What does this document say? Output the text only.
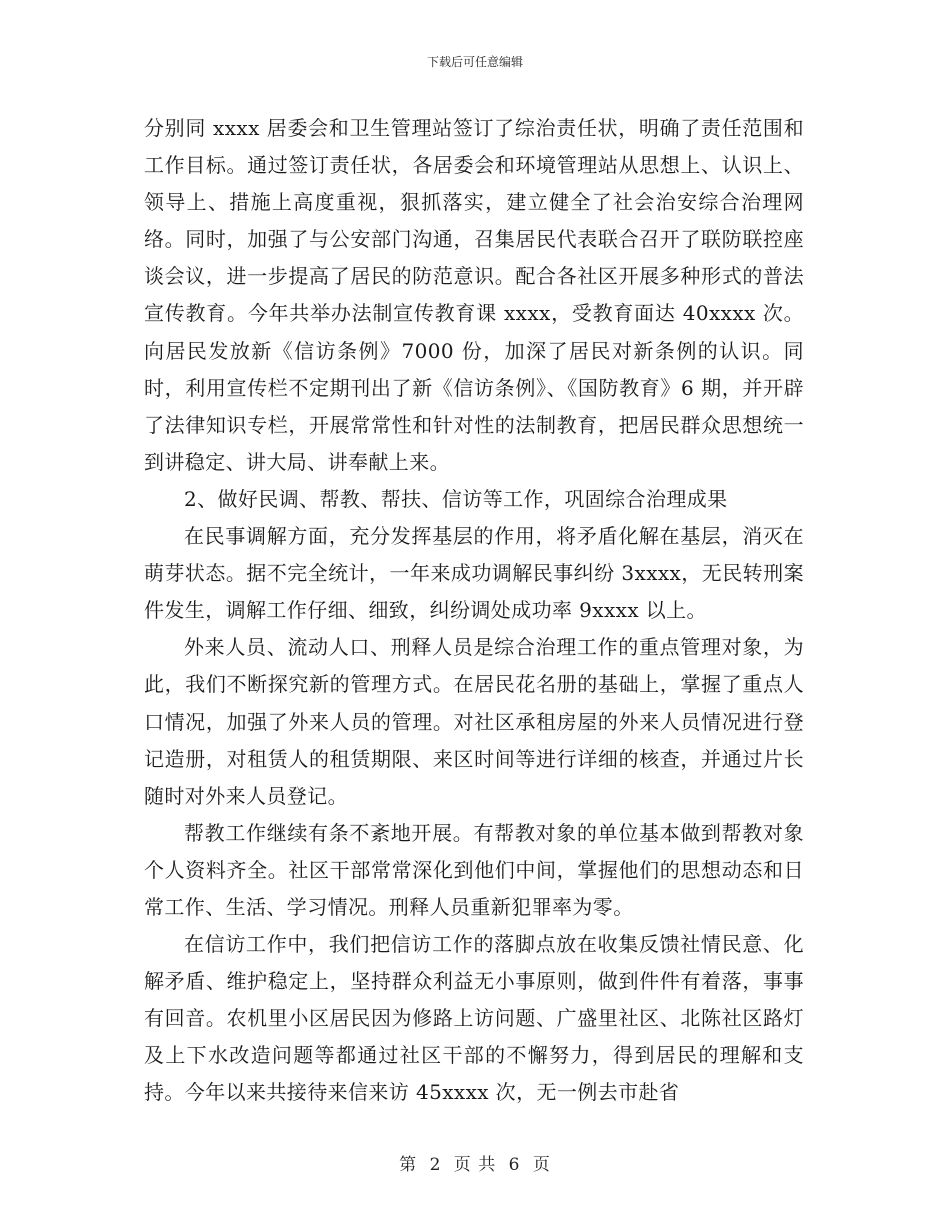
下载后可任意编辑

分别同 xxxx 居委会和卫生管理站签订了综治责任状，明确了责任范围和工作目标。通过签订责任状，各居委会和环境管理站从思想上、认识上、领导上、措施上高度重视，狠抓落实，建立健全了社会治安综合治理网络。同时，加强了与公安部门沟通，召集居民代表联合召开了联防联控座谈会议，进一步提高了居民的防范意识。配合各社区开展多种形式的普法宣传教育。今年共举办法制宣传教育课 xxxx，受教育面达 40xxxx 次。向居民发放新《信访条例》7000 份，加深了居民对新条例的认识。同时，利用宣传栏不定期刊出了新《信访条例》、《国防教育》6 期，并开辟了法律知识专栏，开展常常性和针对性的法制教育，把居民群众思想统一到讲稳定、讲大局、讲奉献上来。

2、做好民调、帮教、帮扶、信访等工作，巩固综合治理成果

在民事调解方面，充分发挥基层的作用，将矛盾化解在基层，消灭在萌芽状态。据不完全统计，一年来成功调解民事纠纷 3xxxx，无民转刑案件发生，调解工作仔细、细致，纠纷调处成功率 9xxxx 以上。

外来人员、流动人口、刑释人员是综合治理工作的重点管理对象，为此，我们不断探究新的管理方式。在居民花名册的基础上，掌握了重点人口情况，加强了外来人员的管理。对社区承租房屋的外来人员情况进行登记造册，对租赁人的租赁期限、来区时间等进行详细的核查，并通过片长随时对外来人员登记。

帮教工作继续有条不紊地开展。有帮教对象的单位基本做到帮教对象个人资料齐全。社区干部常常深化到他们中间，掌握他们的思想动态和日常工作、生活、学习情况。刑释人员重新犯罪率为零。

在信访工作中，我们把信访工作的落脚点放在收集反馈社情民意、化解矛盾、维护稳定上，坚持群众利益无小事原则，做到件件有着落，事事有回音。农机里小区居民因为修路上访问题、广盛里社区、北陈社区路灯及上下水改造问题等都通过社区干部的不懈努力，得到居民的理解和支持。今年以来共接待来信来访 45xxxx 次，无一例去市赴省

第 2 页 共 6 页
